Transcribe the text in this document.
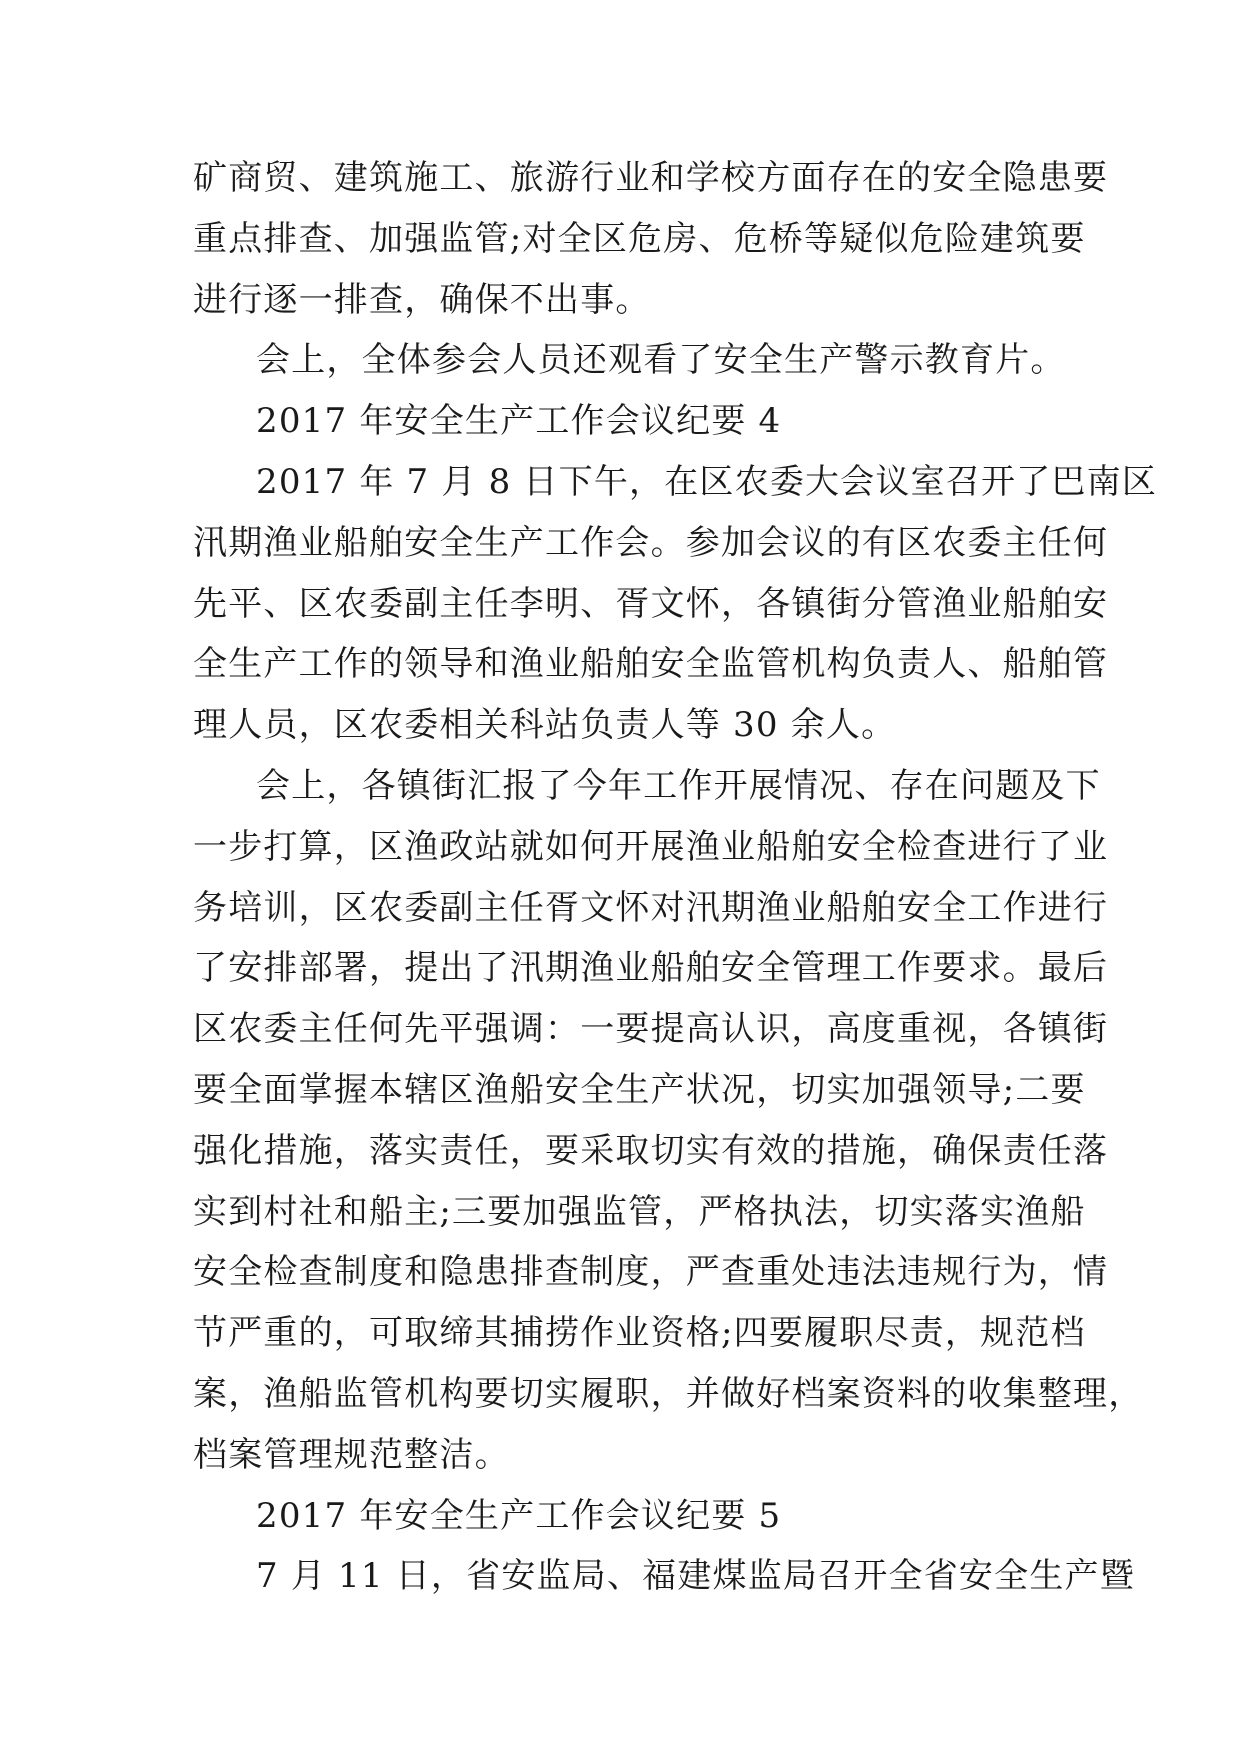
矿商贸、建筑施工、旅游行业和学校方面存在的安全隐患要
重点排查、加强监管;对全区危房、危桥等疑似危险建筑要
进行逐一排查，确保不出事。
会上，全体参会人员还观看了安全生产警示教育片。
2017 年安全生产工作会议纪要 4
2017 年 7 月 8 日下午，在区农委大会议室召开了巴南区
汛期渔业船舶安全生产工作会。参加会议的有区农委主任何
先平、区农委副主任李明、胥文怀，各镇街分管渔业船舶安
全生产工作的领导和渔业船舶安全监管机构负责人、船舶管
理人员，区农委相关科站负责人等 30 余人。
会上，各镇街汇报了今年工作开展情况、存在问题及下
一步打算，区渔政站就如何开展渔业船舶安全检查进行了业
务培训，区农委副主任胥文怀对汛期渔业船舶安全工作进行
了安排部署，提出了汛期渔业船舶安全管理工作要求。最后
区农委主任何先平强调：一要提高认识，高度重视，各镇街
要全面掌握本辖区渔船安全生产状况，切实加强领导;二要
强化措施，落实责任，要采取切实有效的措施，确保责任落
实到村社和船主;三要加强监管，严格执法，切实落实渔船
安全检查制度和隐患排查制度，严查重处违法违规行为，情
节严重的，可取缔其捕捞作业资格;四要履职尽责，规范档
案，渔船监管机构要切实履职，并做好档案资料的收集整理，
档案管理规范整洁。
2017 年安全生产工作会议纪要 5
7 月 11 日，省安监局、福建煤监局召开全省安全生产暨
